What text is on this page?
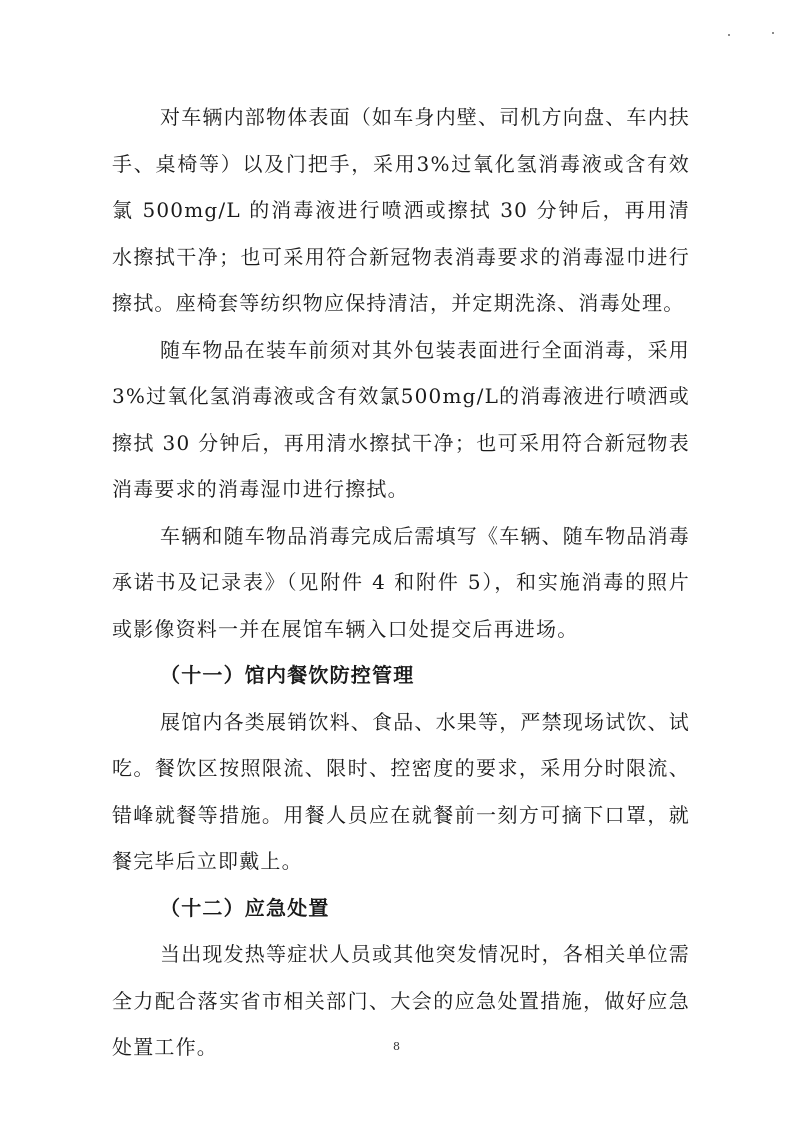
对车辆内部物体表面（如车身内壁、司机方向盘、车内扶手、桌椅等）以及门把手，采用3%过氧化氢消毒液或含有效氯 500mg/L 的消毒液进行喷洒或擦拭 30 分钟后，再用清水擦拭干净；也可采用符合新冠物表消毒要求的消毒湿巾进行擦拭。座椅套等纺织物应保持清洁，并定期洗涤、消毒处理。

随车物品在装车前须对其外包装表面进行全面消毒，采用3%过氧化氢消毒液或含有效氯500mg/L的消毒液进行喷洒或擦拭 30 分钟后，再用清水擦拭干净；也可采用符合新冠物表消毒要求的消毒湿巾进行擦拭。

车辆和随车物品消毒完成后需填写《车辆、随车物品消毒承诺书及记录表》（见附件 4 和附件 5），和实施消毒的照片或影像资料一并在展馆车辆入口处提交后再进场。

（十一）馆内餐饮防控管理

展馆内各类展销饮料、食品、水果等，严禁现场试饮、试吃。餐饮区按照限流、限时、控密度的要求，采用分时限流、错峰就餐等措施。用餐人员应在就餐前一刻方可摘下口罩，就餐完毕后立即戴上。

（十二）应急处置

当出现发热等症状人员或其他突发情况时，各相关单位需全力配合落实省市相关部门、大会的应急处置措施，做好应急处置工作。	8
